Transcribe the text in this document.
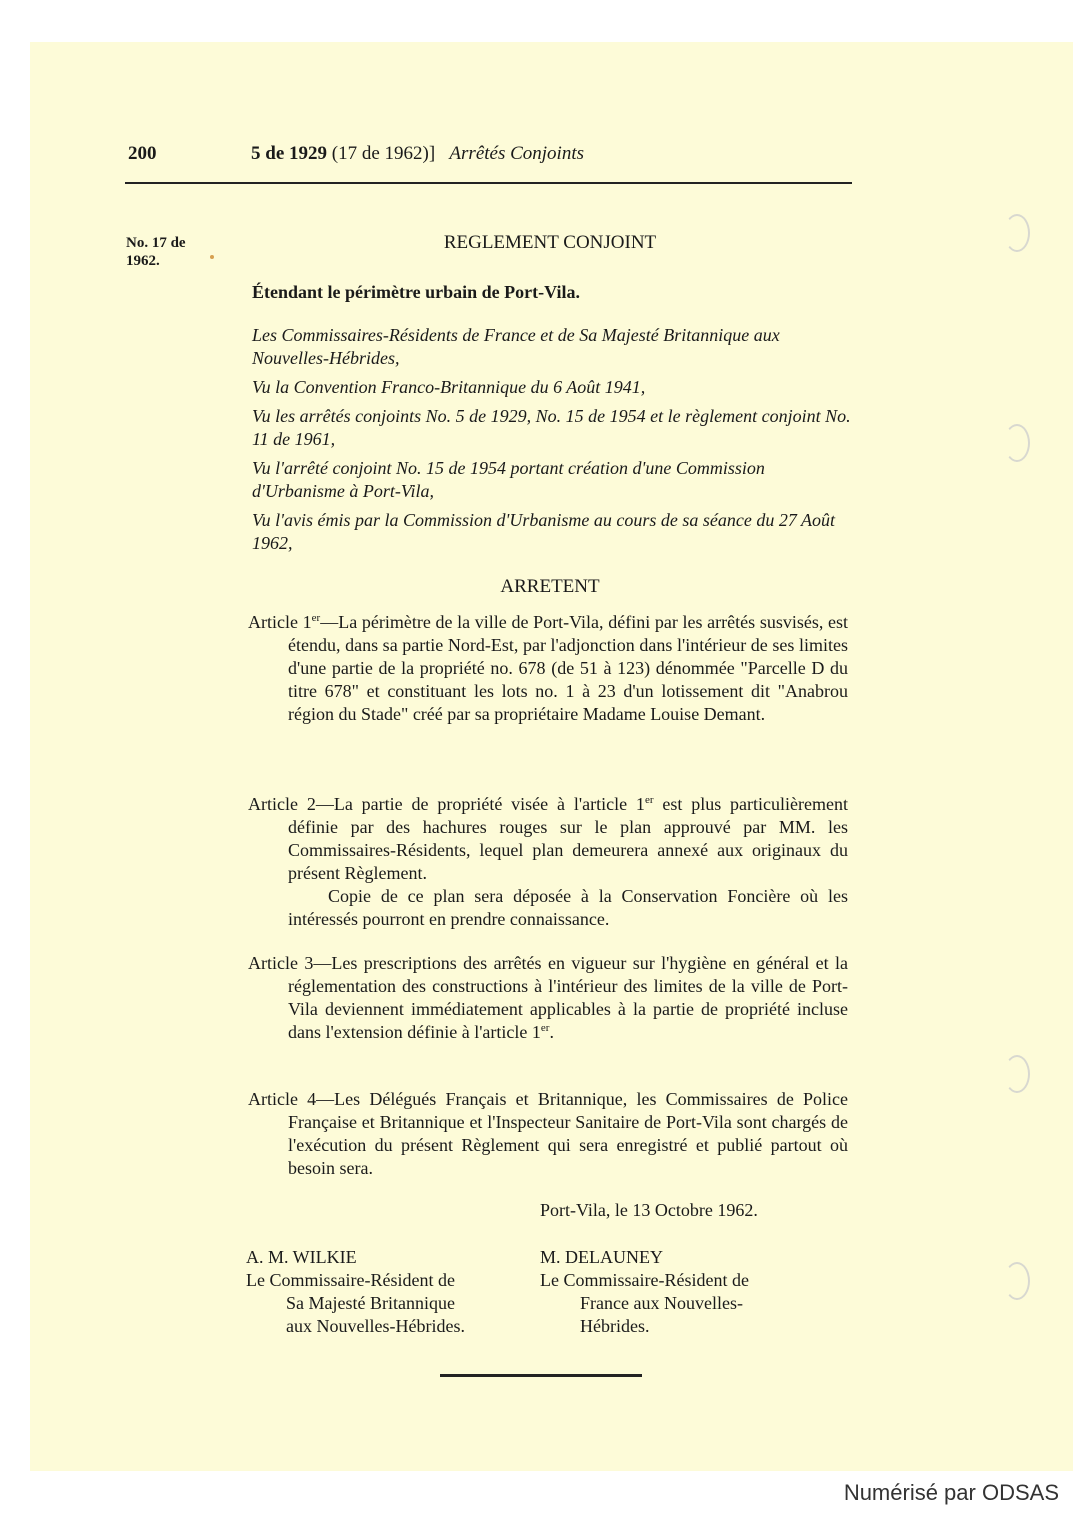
200	5 de 1929 (17 de 1962)] Arrêtés Conjoints
No. 17 de
1962.
REGLEMENT CONJOINT
Étendant le périmètre urbain de Port-Vila.

Les Commissaires-Résidents de France et de Sa Majesté Britannique aux Nouvelles-Hébrides,

Vu la Convention Franco-Britannique du 6 Août 1941,

Vu les arrêtés conjoints No. 5 de 1929, No. 15 de 1954 et le règlement conjoint No. 11 de 1961,

Vu l'arrêté conjoint No. 15 de 1954 portant création d'une Commission d'Urbanisme à Port-Vila,

Vu l'avis émis par la Commission d'Urbanisme au cours de sa séance du 27 Août 1962,

ARRETENT
Article 1er—La périmètre de la ville de Port-Vila, défini par les arrêtés susvisés, est étendu, dans sa partie Nord-Est, par l'adjonction dans l'intérieur de ses limites d'une partie de la propriété no. 678 (de 51 à 123) dénommée "Parcelle D du titre 678" et constituant les lots no. 1 à 23 d'un lotissement dit "Anabrou région du Stade" créé par sa propriétaire Madame Louise Demant.
Article 2—La partie de propriété visée à l'article 1er est plus particulièrement définie par des hachures rouges sur le plan approuvé par MM. les Commissaires-Résidents, lequel plan demeurera annexé aux originaux du présent Règlement.

Copie de ce plan sera déposée à la Conservation Foncière où les intéressés pourront en prendre connaissance.

Article 3—Les prescriptions des arrêtés en vigueur sur l'hygiène en général et la réglementation des constructions à l'intérieur des limites de la ville de Port-Vila deviennent immédiatement applicables à la partie de propriété incluse dans l'extension définie à l'article 1er.
Article 4—Les Délégués Français et Britannique, les Commissaires de Police Française et Britannique et l'Inspecteur Sanitaire de Port-Vila sont chargés de l'exécution du présent Règlement qui sera enregistré et publié partout où besoin sera.
Port-Vila, le 13 Octobre 1962.
A. M. WILKIE
Le Commissaire-Résident de
Sa Majesté Britannique
aux Nouvelles-Hébrides.
M. DELAUNEY
Le Commissaire-Résident de
France aux Nouvelles-
Hébrides.
Numérisé par ODSAS
